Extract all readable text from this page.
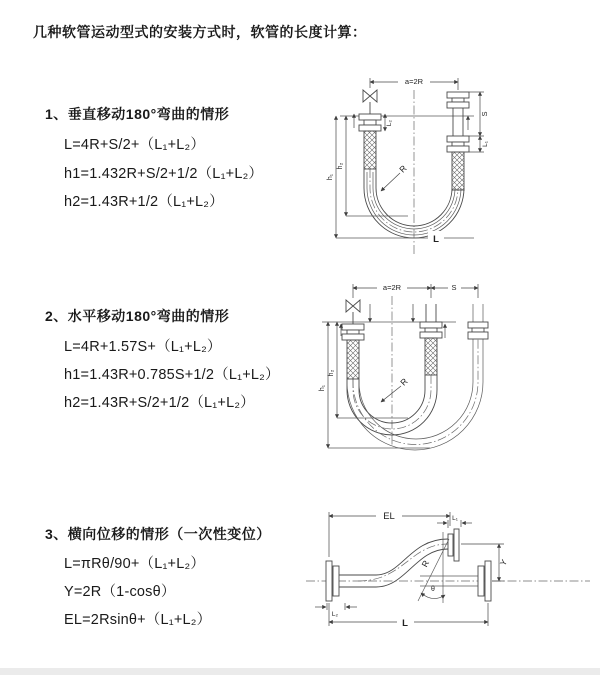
几种软管运动型式的安装方式时，软管的长度计算：
1、垂直移动180°弯曲的情形
L=4R+S/2+（L₁+L₂）
h1=1.432R+S/2+1/2（L₁+L₂）
h2=1.43R+1/2（L₁+L₂）
a=2R
S
L₁
L₂
h₁
h₂	R
L
2、水平移动180°弯曲的情形
L=4R+1.57S+（L₁+L₂）
h1=1.43R+0.785S+1/2（L₁+L₂）
h2=1.43R+S/2+1/2（L₁+L₂）
a=2R	S
h₁
h₂
R
3、横向位移的情形（一次性变位）
L=πRθ/90+（L₁+L₂）
Y=2R（1-cosθ）
EL=2Rsinθ+（L₁+L₂）
R
θ
EL	L₁
Y
L₂
L
